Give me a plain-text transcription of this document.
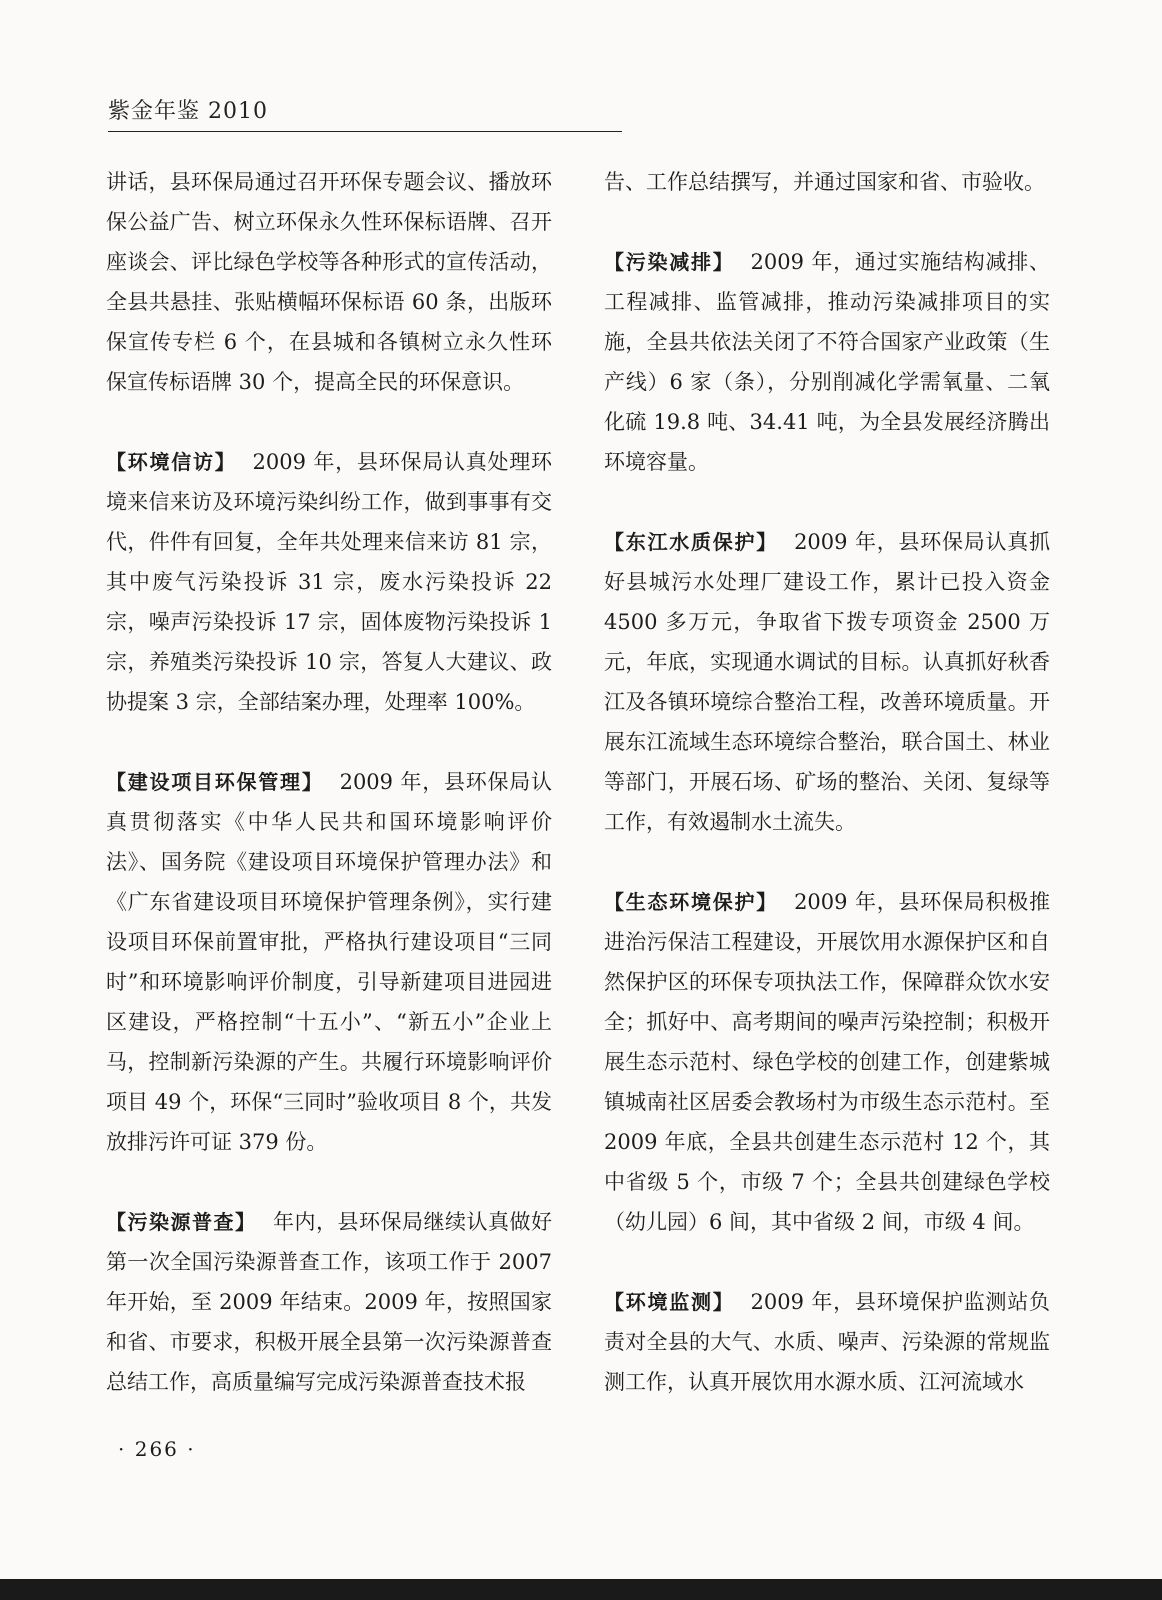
紫金年鉴 2010

讲话，县环保局通过召开环保专题会议、播放环保公益广告、树立环保永久性环保标语牌、召开座谈会、评比绿色学校等各种形式的宣传活动，全县共悬挂、张贴横幅环保标语 60 条，出版环保宣传专栏 6 个，在县城和各镇树立永久性环保宣传标语牌 30 个，提高全民的环保意识。

【环境信访】 2009 年，县环保局认真处理环境来信来访及环境污染纠纷工作，做到事事有交代，件件有回复，全年共处理来信来访 81 宗，其中废气污染投诉 31 宗，废水污染投诉 22 宗，噪声污染投诉 17 宗，固体废物污染投诉 1 宗，养殖类污染投诉 10 宗，答复人大建议、政协提案 3 宗，全部结案办理，处理率 100%。

【建设项目环保管理】 2009 年，县环保局认真贯彻落实《中华人民共和国环境影响评价法》、国务院《建设项目环境保护管理办法》和《广东省建设项目环境保护管理条例》，实行建设项目环保前置审批，严格执行建设项目“三同时”和环境影响评价制度，引导新建项目进园进区建设，严格控制“十五小”、“新五小”企业上马，控制新污染源的产生。共履行环境影响评价项目 49 个，环保“三同时”验收项目 8 个，共发放排污许可证 379 份。

【污染源普查】 年内，县环保局继续认真做好第一次全国污染源普查工作，该项工作于 2007 年开始，至 2009 年结束。2009 年，按照国家和省、市要求，积极开展全县第一次污染源普查总结工作，高质量编写完成污染源普查技术报

告、工作总结撰写，并通过国家和省、市验收。

【污染减排】 2009 年，通过实施结构减排、工程减排、监管减排，推动污染减排项目的实施，全县共依法关闭了不符合国家产业政策（生产线）6 家（条），分别削减化学需氧量、二氧化硫 19.8 吨、34.41 吨，为全县发展经济腾出环境容量。

【东江水质保护】 2009 年，县环保局认真抓好县城污水处理厂建设工作，累计已投入资金 4500 多万元，争取省下拨专项资金 2500 万元，年底，实现通水调试的目标。认真抓好秋香江及各镇环境综合整治工程，改善环境质量。开展东江流域生态环境综合整治，联合国土、林业等部门，开展石场、矿场的整治、关闭、复绿等工作，有效遏制水土流失。

【生态环境保护】 2009 年，县环保局积极推进治污保洁工程建设，开展饮用水源保护区和自然保护区的环保专项执法工作，保障群众饮水安全；抓好中、高考期间的噪声污染控制；积极开展生态示范村、绿色学校的创建工作，创建紫城镇城南社区居委会教场村为市级生态示范村。至 2009 年底，全县共创建生态示范村 12 个，其中省级 5 个，市级 7 个；全县共创建绿色学校（幼儿园）6 间，其中省级 2 间，市级 4 间。

【环境监测】 2009 年，县环境保护监测站负责对全县的大气、水质、噪声、污染源的常规监测工作，认真开展饮用水源水质、江河流域水

· 266 ·
